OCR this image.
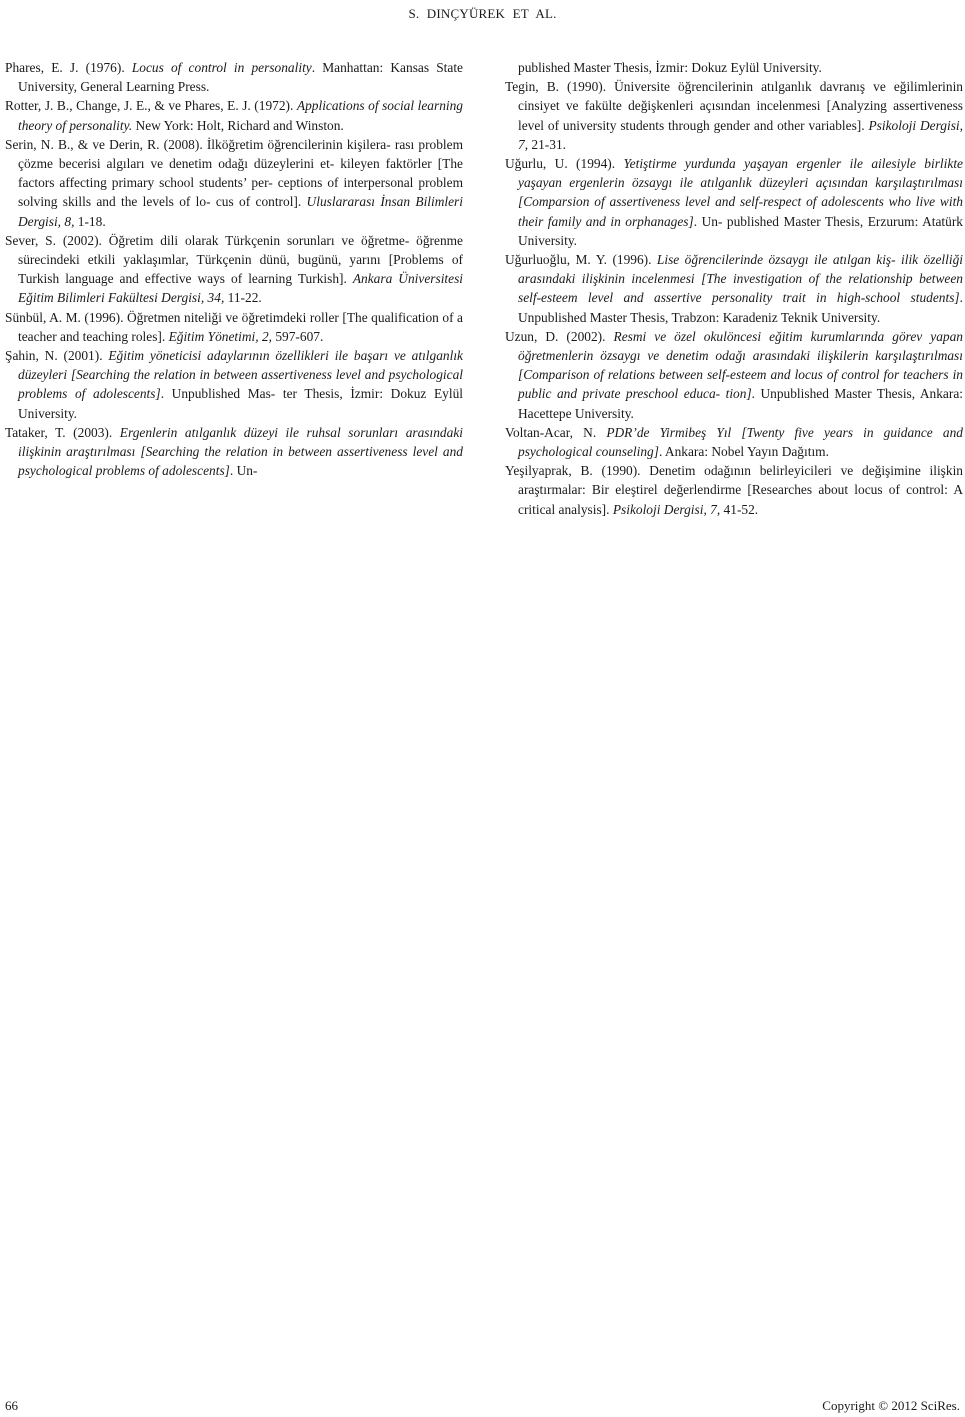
S. DINÇYÜREK ET AL.

Phares, E. J. (1976). Locus of control in personality. Manhattan: Kansas State University, General Learning Press.

Rotter, J. B., Change, J. E., & ve Phares, E. J. (1972). Applications of social learning theory of personality. New York: Holt, Richard and Winston.

Serin, N. B., & ve Derin, R. (2008). İlköğretim öğrencilerinin kişilera- rası problem çözme becerisi algıları ve denetim odağı düzeylerini et- kileyen faktörler [The factors affecting primary school students’ per- ceptions of interpersonal problem solving skills and the levels of lo- cus of control]. Uluslararası İnsan Bilimleri Dergisi, 8, 1-18.

Sever, S. (2002). Öğretim dili olarak Türkçenin sorunları ve öğretme- öğrenme sürecindeki etkili yaklaşımlar, Türkçenin dünü, bugünü, yarını [Problems of Turkish language and effective ways of learning Turkish]. Ankara Üniversitesi Eğitim Bilimleri Fakültesi Dergisi, 34, 11-22.

Sünbül, A. M. (1996). Öğretmen niteliği ve öğretimdeki roller [The qualification of a teacher and teaching roles]. Eğitim Yönetimi, 2, 597-607.

Şahin, N. (2001). Eğitim yöneticisi adaylarının özellikleri ile başarı ve atılganlık düzeyleri [Searching the relation in between assertiveness level and psychological problems of adolescents]. Unpublished Mas- ter Thesis, İzmir: Dokuz Eylül University.

Tataker, T. (2003). Ergenlerin atılganlık düzeyi ile ruhsal sorunları arasındaki ilişkinin araştırılması [Searching the relation in between assertiveness level and psychological problems of adolescents]. Un-

published Master Thesis, İzmir: Dokuz Eylül University.

Tegin, B. (1990). Üniversite öğrencilerinin atılganlık davranış ve eğilimlerinin cinsiyet ve fakülte değişkenleri açısından incelenmesi [Analyzing assertiveness level of university students through gender and other variables]. Psikoloji Dergisi, 7, 21-31.

Uğurlu, U. (1994). Yetiştirme yurdunda yaşayan ergenler ile ailesiyle birlikte yaşayan ergenlerin özsaygı ile atılganlık düzeyleri açısından karşılaştırılması [Comparsion of assertiveness level and self-respect of adolescents who live with their family and in orphanages]. Un- published Master Thesis, Erzurum: Atatürk University.

Uğurluoğlu, M. Y. (1996). Lise öğrencilerinde özsaygı ile atılgan kiş- ilik özelliği arasındaki ilişkinin incelenmesi [The investigation of the relationship between self-esteem level and assertive personality trait in high-school students]. Unpublished Master Thesis, Trabzon: Karadeniz Teknik University.

Uzun, D. (2002). Resmi ve özel okulöncesi eğitim kurumlarında görev yapan öğretmenlerin özsaygı ve denetim odağı arasındaki ilişkilerin karşılaştırılması [Comparison of relations between self-esteem and locus of control for teachers in public and private preschool educa- tion]. Unpublished Master Thesis, Ankara: Hacettepe University.

Voltan-Acar, N. PDR’de Yirmibeş Yıl [Twenty five years in guidance and psychological counseling]. Ankara: Nobel Yayın Dağıtım.

Yeşilyaprak, B. (1990). Denetim odağının belirleyicileri ve değişimine ilişkin araştırmalar: Bir eleştirel değerlendirme [Researches about locus of control: A critical analysis]. Psikoloji Dergisi, 7, 41-52.

66	Copyright © 2012 SciRes.
